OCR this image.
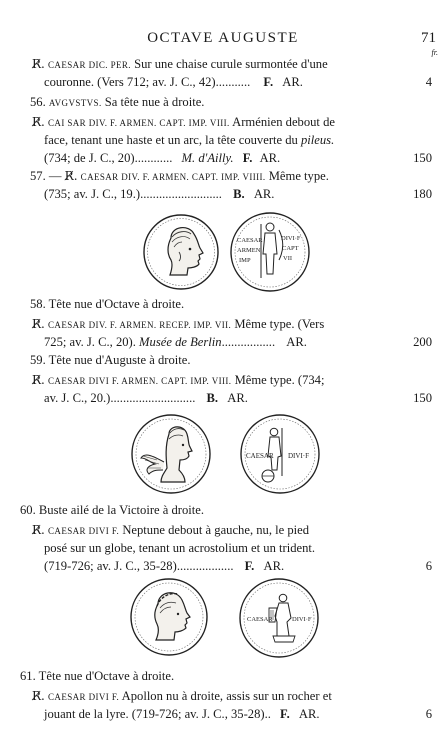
OCTAVE AUGUSTE	71
fr.
R̸. CAESAR DIC. PER. Sur une chaise curule surmontée d'une
couronne. (Vers 712; av. J. C., 42)........... F. AR.	4
56. AVGVSTVS. Sa tête nue à droite.
R̸. CAI SAR DIV. F. ARMEN. CAPT. IMP. VIII. Arménien debout de
face, tenant une haste et un arc, la tête couverte du pileus.
(734; de J. C., 20)............ M. d'Ailly. F. AR.	150
57. — R̸. CAESAR DIV. F. ARMEN. CAPT. IMP. VIIII. Même type.
(735; av. J. C., 19.).......................... B. AR.	180
CAESAR
ARMEN
IMP
DIVI·F
CAPT
VII
58. Tête nue d'Octave à droite.
R̸. CAESAR DIV. F. ARMEN. RECEP. IMP. VII. Même type. (Vers
725; av. J. C., 20). Musée de Berlin................. AR.	200
59. Tête nue d'Auguste à droite.
R̸. CAESAR DIVI F. ARMEN. CAPT. IMP. VIII. Même type. (734;
av. J. C., 20.)........................... B. AR.	150
CAESAR DIVI·F
60. Buste ailé de la Victoire à droite.
R̸. CAESAR DIVI F. Neptune debout à gauche, nu, le pied
posé sur un globe, tenant un acrostolium et un trident.
(719-726; av. J. C., 35-28).................. F. AR.	6
CAESAR	DIVI·F
61. Tête nue d'Octave à droite.
R̸. CAESAR DIVI F. Apollon nu à droite, assis sur un rocher et
jouant de la lyre. (719-726; av. J. C., 35-28).. F. AR.	6
